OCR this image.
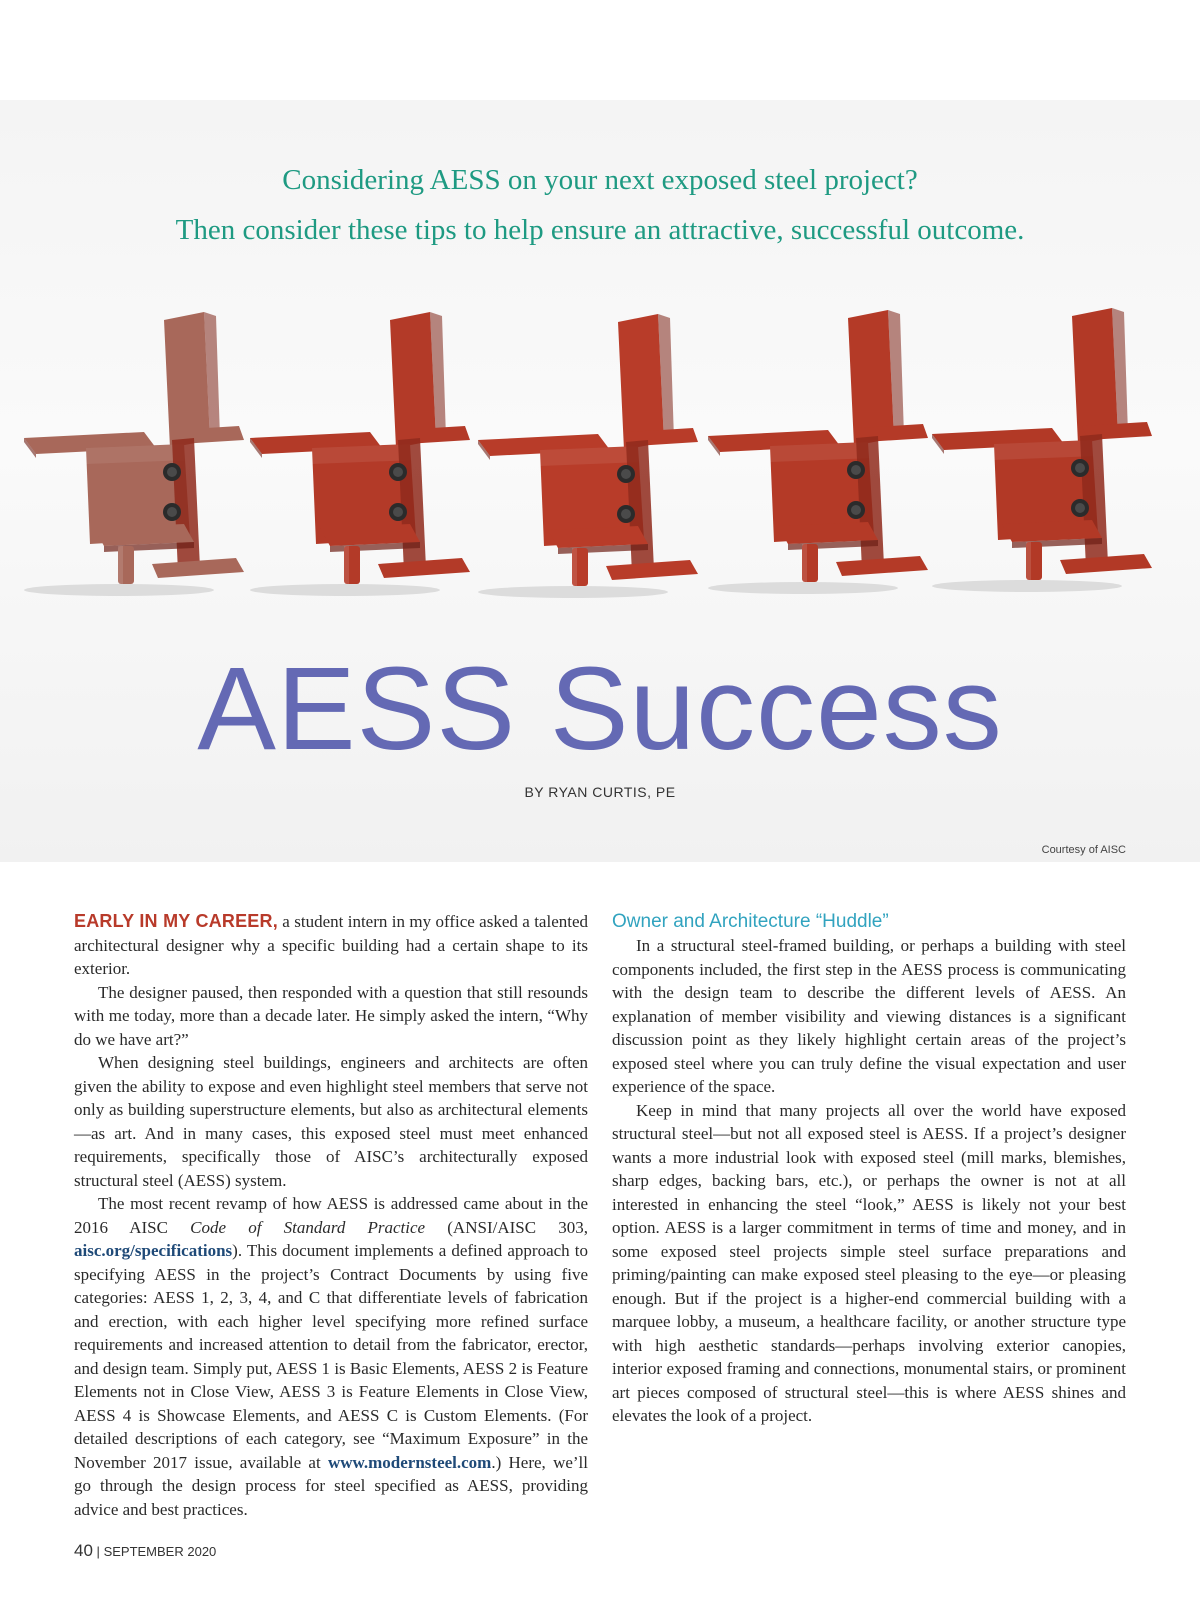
Considering AESS on your next exposed steel project?
Then consider these tips to help ensure an attractive, successful outcome.
AESS Success
BY RYAN CURTIS, PE
Courtesy of AISC

EARLY IN MY CAREER, a student intern in my office asked a talented architectural designer why a specific building had a certain shape to its exterior.

The designer paused, then responded with a question that still resounds with me today, more than a decade later. He simply asked the intern, “Why do we have art?”

When designing steel buildings, engineers and architects are often given the ability to expose and even highlight steel members that serve not only as building superstructure elements, but also as architectural elements—as art. And in many cases, this exposed steel must meet enhanced requirements, specifically those of AISC’s architecturally exposed structural steel (AESS) system.

The most recent revamp of how AESS is addressed came about in the 2016 AISC Code of Standard Practice (ANSI/AISC 303, aisc.org/specifications). This document implements a defined approach to specifying AESS in the project’s Contract Documents by using five categories: AESS 1, 2, 3, 4, and C that differentiate levels of fabrication and erection, with each higher level specifying more refined surface requirements and increased attention to detail from the fabricator, erector, and design team. Simply put, AESS 1 is Basic Elements, AESS 2 is Feature Elements not in Close View, AESS 3 is Feature Elements in Close View, AESS 4 is Showcase Elements, and AESS C is Custom Elements. (For detailed descriptions of each category, see “Maximum Exposure” in the November 2017 issue, available at www.modernsteel.com.) Here, we’ll go through the design process for steel specified as AESS, providing advice and best practices.

Owner and Architecture “Huddle”

In a structural steel-framed building, or perhaps a building with steel components included, the first step in the AESS process is communicating with the design team to describe the different levels of AESS. An explanation of member visibility and viewing distances is a significant discussion point as they likely highlight certain areas of the project’s exposed steel where you can truly define the visual expectation and user experience of the space.

Keep in mind that many projects all over the world have exposed structural steel—but not all exposed steel is AESS. If a project’s designer wants a more industrial look with exposed steel (mill marks, blemishes, sharp edges, backing bars, etc.), or perhaps the owner is not at all interested in enhancing the steel “look,” AESS is likely not your best option. AESS is a larger commitment in terms of time and money, and in some exposed steel projects simple steel surface preparations and priming/painting can make exposed steel pleasing to the eye—or pleasing enough. But if the project is a higher-end commercial building with a marquee lobby, a museum, a healthcare facility, or another structure type with high aesthetic standards—perhaps involving exterior canopies, interior exposed framing and connections, monumental stairs, or prominent art pieces composed of structural steel—this is where AESS shines and elevates the look of a project.

40 | SEPTEMBER 2020
